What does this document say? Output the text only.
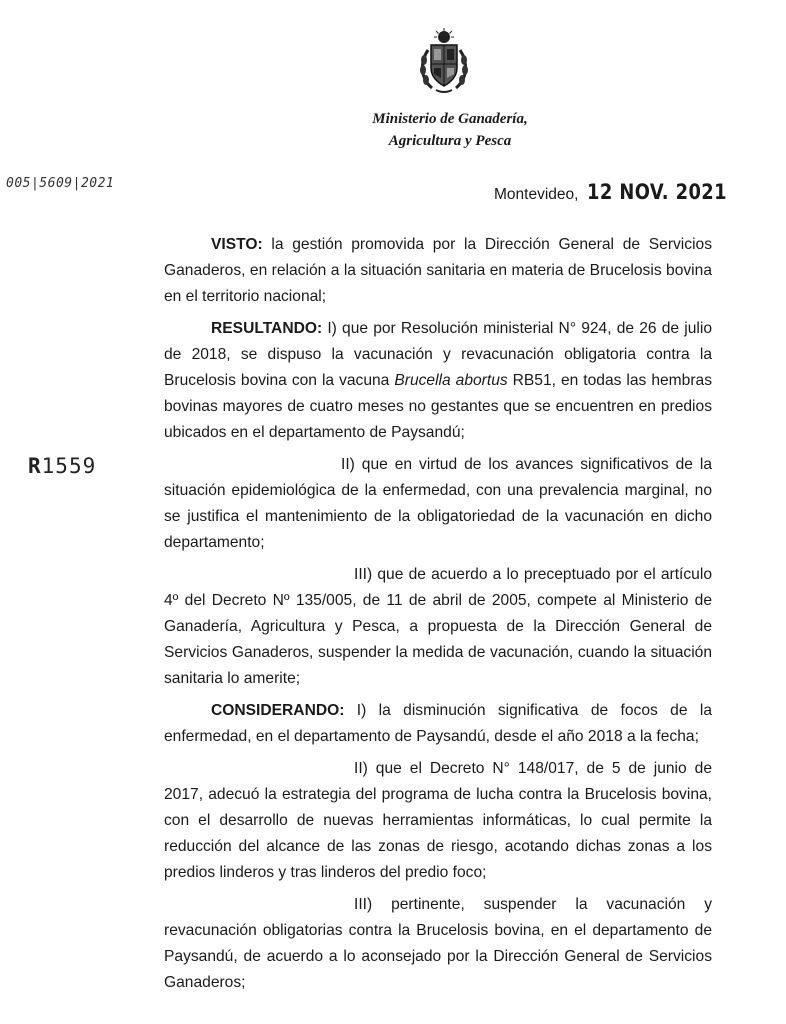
Ministerio de Ganadería,
Agricultura y Pesca
005|5609|2021
Montevideo, 12 NOV. 2021
R1559

VISTO: la gestión promovida por la Dirección General de Servicios Ganaderos, en relación a la situación sanitaria en materia de Brucelosis bovina en el territorio nacional;

RESULTANDO: I) que por Resolución ministerial N° 924, de 26 de julio de 2018, se dispuso la vacunación y revacunación obligatoria contra la Brucelosis bovina con la vacuna Brucella abortus RB51, en todas las hembras bovinas mayores de cuatro meses no gestantes que se encuentren en predios ubicados en el departamento de Paysandú;

II) que en virtud de los avances significativos de la situación epidemiológica de la enfermedad, con una prevalencia marginal, no se justifica el mantenimiento de la obligatoriedad de la vacunación en dicho departamento;

III) que de acuerdo a lo preceptuado por el artículo 4º del Decreto Nº 135/005, de 11 de abril de 2005, compete al Ministerio de Ganadería, Agricultura y Pesca, a propuesta de la Dirección General de Servicios Ganaderos, suspender la medida de vacunación, cuando la situación sanitaria lo amerite;

CONSIDERANDO: I) la disminución significativa de focos de la enfermedad, en el departamento de Paysandú, desde el año 2018 a la fecha;

II) que el Decreto N° 148/017, de 5 de junio de 2017, adecuó la estrategia del programa de lucha contra la Brucelosis bovina, con el desarrollo de nuevas herramientas informáticas, lo cual permite la reducción del alcance de las zonas de riesgo, acotando dichas zonas a los predios linderos y tras linderos del predio foco;

III) pertinente, suspender la vacunación y revacunación obligatorias contra la Brucelosis bovina, en el departamento de Paysandú, de acuerdo a lo aconsejado por la Dirección General de Servicios Ganaderos;
